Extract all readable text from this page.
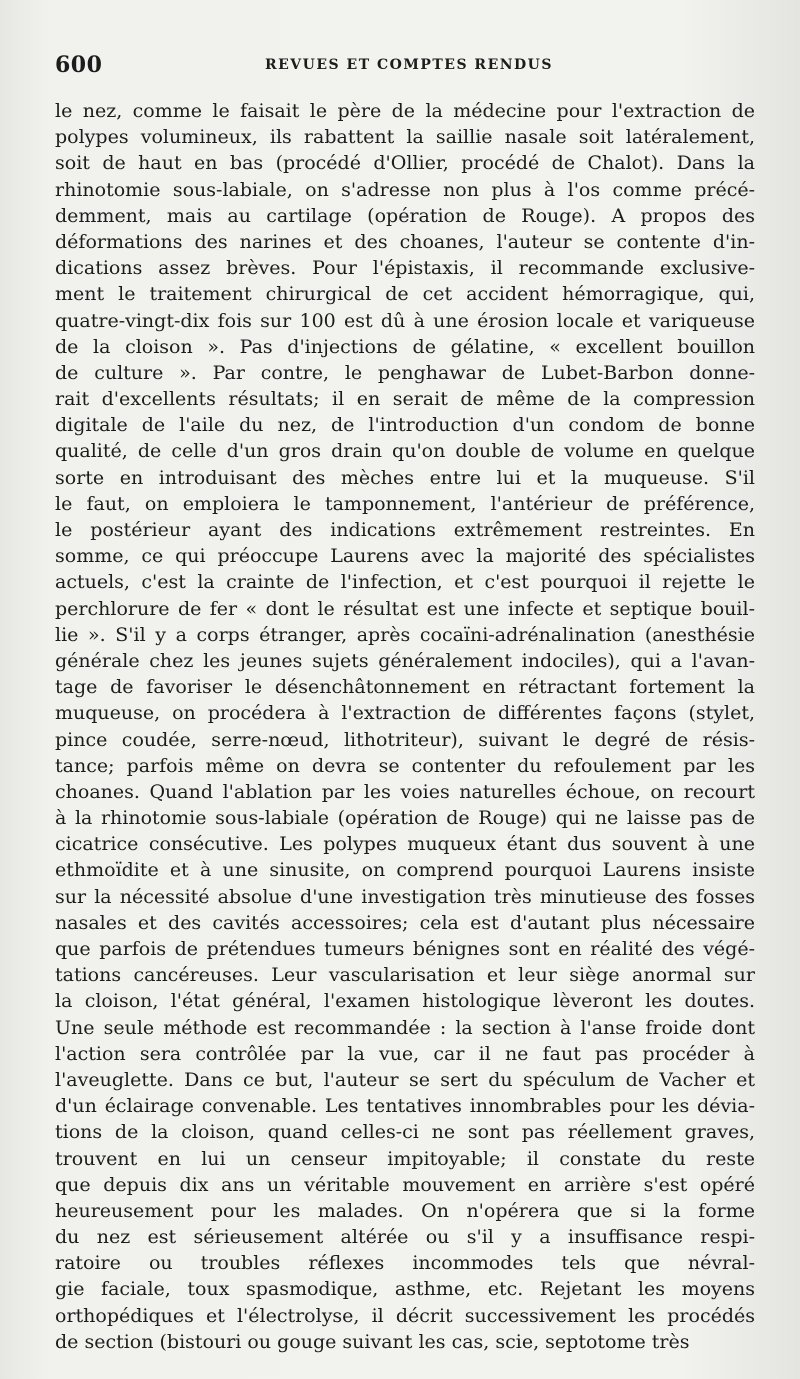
600	REVUES ET COMPTES RENDUS
le nez, comme le faisait le père de la médecine pour l'extraction de
polypes volumineux, ils rabattent la saillie nasale soit latéralement,
soit de haut en bas (procédé d'Ollier, procédé de Chalot). Dans la
rhinotomie sous-labiale, on s'adresse non plus à l'os comme précé-
demment, mais au cartilage (opération de Rouge). A propos des
déformations des narines et des choanes, l'auteur se contente d'in-
dications assez brèves. Pour l'épistaxis, il recommande exclusive-
ment le traitement chirurgical de cet accident hémorragique, qui,
quatre-vingt-dix fois sur 100 est dû à une érosion locale et variqueuse
de la cloison ». Pas d'injections de gélatine, « excellent bouillon
de culture ». Par contre, le penghawar de Lubet-Barbon donne-
rait d'excellents résultats; il en serait de même de la compression
digitale de l'aile du nez, de l'introduction d'un condom de bonne
qualité, de celle d'un gros drain qu'on double de volume en quelque
sorte en introduisant des mèches entre lui et la muqueuse. S'il
le faut, on emploiera le tamponnement, l'antérieur de préférence,
le postérieur ayant des indications extrêmement restreintes. En
somme, ce qui préoccupe Laurens avec la majorité des spécialistes
actuels, c'est la crainte de l'infection, et c'est pourquoi il rejette le
perchlorure de fer « dont le résultat est une infecte et septique bouil-
lie ». S'il y a corps étranger, après cocaïni-adrénalination (anesthésie
générale chez les jeunes sujets généralement indociles), qui a l'avan-
tage de favoriser le désenchâtonnement en rétractant fortement la
muqueuse, on procédera à l'extraction de différentes façons (stylet,
pince coudée, serre-nœud, lithotriteur), suivant le degré de résis-
tance; parfois même on devra se contenter du refoulement par les
choanes. Quand l'ablation par les voies naturelles échoue, on recourt
à la rhinotomie sous-labiale (opération de Rouge) qui ne laisse pas de
cicatrice consécutive. Les polypes muqueux étant dus souvent à une
ethmoïdite et à une sinusite, on comprend pourquoi Laurens insiste
sur la nécessité absolue d'une investigation très minutieuse des fosses
nasales et des cavités accessoires; cela est d'autant plus nécessaire
que parfois de prétendues tumeurs bénignes sont en réalité des végé-
tations cancéreuses. Leur vascularisation et leur siège anormal sur
la cloison, l'état général, l'examen histologique lèveront les doutes.
Une seule méthode est recommandée : la section à l'anse froide dont
l'action sera contrôlée par la vue, car il ne faut pas procéder à
l'aveuglette. Dans ce but, l'auteur se sert du spéculum de Vacher et
d'un éclairage convenable. Les tentatives innombrables pour les dévia-
tions de la cloison, quand celles-ci ne sont pas réellement graves,
trouvent en lui un censeur impitoyable; il constate du reste
que depuis dix ans un véritable mouvement en arrière s'est opéré
heureusement pour les malades. On n'opérera que si la forme
du nez est sérieusement altérée ou s'il y a insuffisance respi-
ratoire ou troubles réflexes incommodes tels que névral-
gie faciale, toux spasmodique, asthme, etc. Rejetant les moyens
orthopédiques et l'électrolyse, il décrit successivement les procédés
de section (bistouri ou gouge suivant les cas, scie, septotome très
